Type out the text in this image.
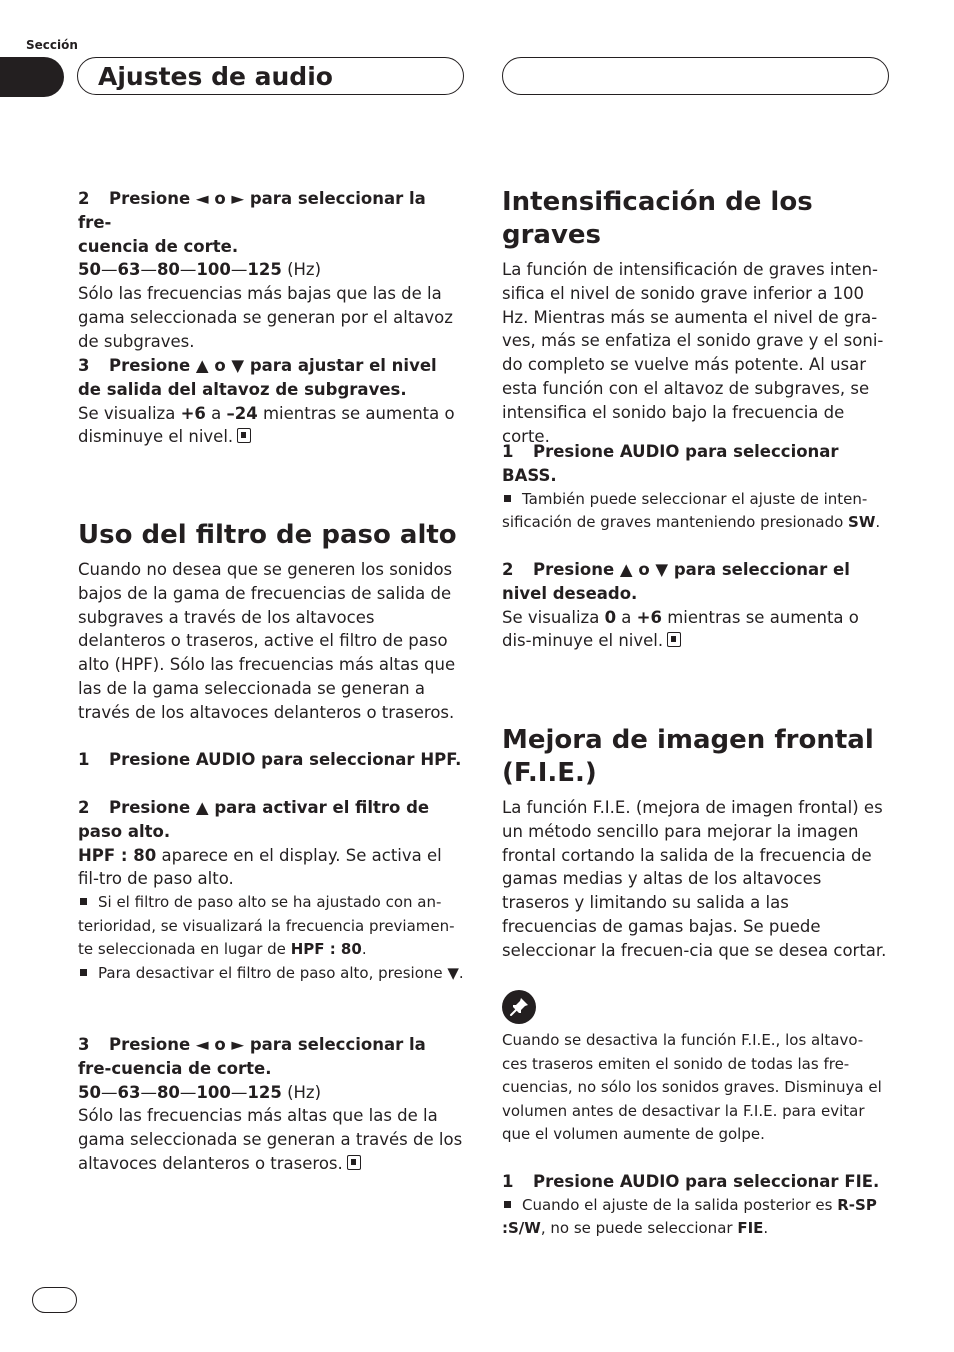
Sección
Ajustes de audio
2 Presione ◄ o ► para seleccionar la fre-
cuencia de corte.
50—63—80—100—125 (Hz)

Sólo las frecuencias más bajas que las de la gama seleccionada se generan por el altavoz de subgraves.

3 Presione ▲ o ▼ para ajustar el nivel de salida del altavoz de subgraves.

Se visualiza +6 a –24 mientras se aumenta o disminuye el nivel.

Uso del filtro de paso alto

Cuando no desea que se generen los sonidos bajos de la gama de frecuencias de salida de subgraves a través de los altavoces delanteros o traseros, active el filtro de paso alto (HPF). Sólo las frecuencias más altas que las de la gama seleccionada se generan a través de los altavoces delanteros o traseros.

1 Presione AUDIO para seleccionar HPF.
2 Presione ▲ para activar el filtro de paso alto.

HPF : 80 aparece en el display. Se activa el fil-tro de paso alto.

Si el filtro de paso alto se ha ajustado con an-terioridad, se visualizará la frecuencia previamen-te seleccionada en lugar de HPF : 80.
Para desactivar el filtro de paso alto, presione ▼.
3 Presione ◄ o ► para seleccionar la fre-cuencia de corte.
50—63—80—100—125 (Hz)

Sólo las frecuencias más altas que las de la gama seleccionada se generan a través de los altavoces delanteros o traseros.

Intensificación de los graves

La función de intensificación de graves inten-sifica el nivel de sonido grave inferior a 100 Hz. Mientras más se aumenta el nivel de gra-ves, más se enfatiza el sonido grave y el soni-do completo se vuelve más potente. Al usar esta función con el altavoz de subgraves, se intensifica el sonido bajo la frecuencia de corte.

1 Presione AUDIO para seleccionar BASS.
También puede seleccionar el ajuste de inten-sificación de graves manteniendo presionado SW.
2 Presione ▲ o ▼ para seleccionar el nivel deseado.

Se visualiza 0 a +6 mientras se aumenta o dis-minuye el nivel.

Mejora de imagen frontal (F.I.E.)

La función F.I.E. (mejora de imagen frontal) es un método sencillo para mejorar la imagen frontal cortando la salida de la frecuencia de gamas medias y altas de los altavoces traseros y limitando su salida a las frecuencias de gamas bajas. Se puede seleccionar la frecuen-cia que se desea cortar.

Cuando se desactiva la función F.I.E., los altavo-ces traseros emiten el sonido de todas las fre-cuencias, no sólo los sonidos graves. Disminuya el volumen antes de desactivar la F.I.E. para evitar que el volumen aumente de golpe.
1 Presione AUDIO para seleccionar FIE.
Cuando el ajuste de la salida posterior es R-SP :S/W, no se puede seleccionar FIE.
